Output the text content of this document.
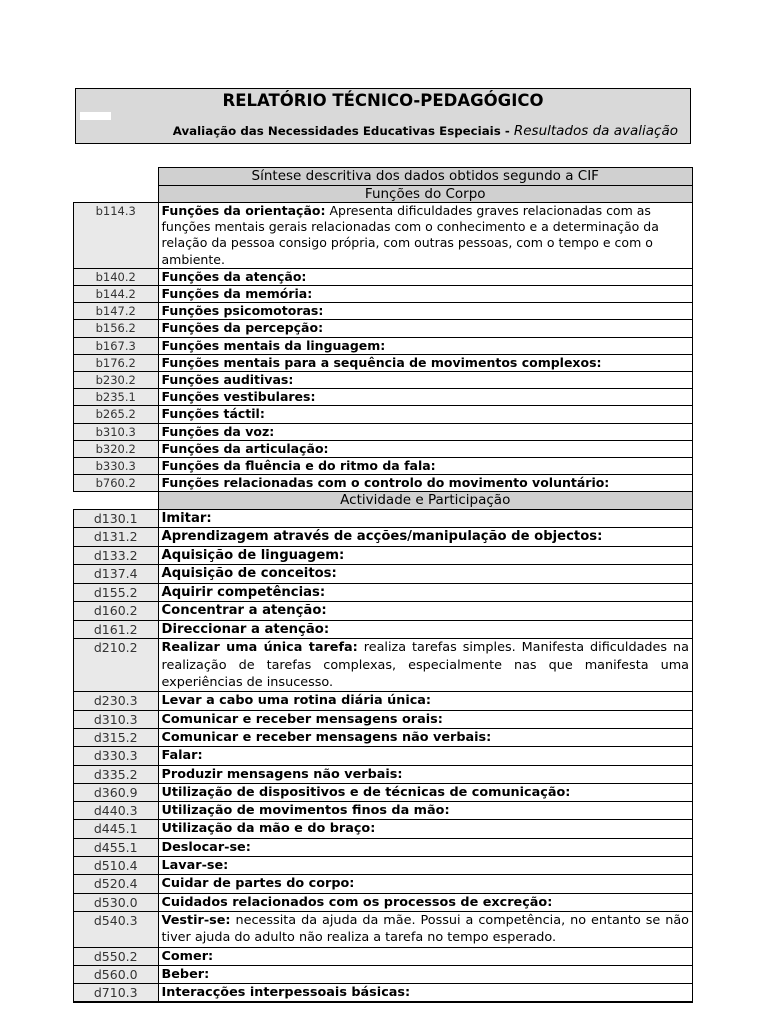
RELATÓRIO TÉCNICO-PEDAGÓGICO
Avaliação das Necessidades Educativas Especiais - Resultados da avaliação
	Síntese descritiva dos dados obtidos segundo a CIF
	Funções do Corpo
b114.3	Funções da orientação: Apresenta dificuldades graves relacionadas com as funções mentais gerais relacionadas com o conhecimento e a determinação da relação da pessoa consigo própria, com outras pessoas, com o tempo e com o ambiente.
b140.2	Funções da atenção:
b144.2	Funções da memória:
b147.2	Funções psicomotoras:
b156.2	Funções da percepção:
b167.3	Funções mentais da linguagem:
b176.2	Funções mentais para a sequência de movimentos complexos:
b230.2	Funções auditivas:
b235.1	Funções vestibulares:
b265.2	Funções táctil:
b310.3	Funções da voz:
b320.2	Funções da articulação:
b330.3	Funções da fluência e do ritmo da fala:
b760.2	Funções relacionadas com o controlo do movimento voluntário:
	Actividade e Participação
d130.1	Imitar:
d131.2	Aprendizagem através de acções/manipulação de objectos:
d133.2	Aquisição de linguagem:
d137.4	Aquisição de conceitos:
d155.2	Aquirir competências:
d160.2	Concentrar a atenção:
d161.2	Direccionar a atenção:
d210.2	Realizar uma única tarefa: realiza tarefas simples. Manifesta dificuldades na realização de tarefas complexas, especialmente nas que manifesta uma experiências de insucesso.
d230.3	Levar a cabo uma rotina diária única:
d310.3	Comunicar e receber mensagens orais:
d315.2	Comunicar e receber mensagens não verbais:
d330.3	Falar:
d335.2	Produzir mensagens não verbais:
d360.9	Utilização de dispositivos e de técnicas de comunicação:
d440.3	Utilização de movimentos finos da mão:
d445.1	Utilização da mão e do braço:
d455.1	Deslocar-se:
d510.4	Lavar-se:
d520.4	Cuidar de partes do corpo:
d530.0	Cuidados relacionados com os processos de excreção:
d540.3	Vestir-se: necessita da ajuda da mãe. Possui a competência, no entanto se não tiver ajuda do adulto não realiza a tarefa no tempo esperado.
d550.2	Comer:
d560.0	Beber:
d710.3	Interacções interpessoais básicas:
